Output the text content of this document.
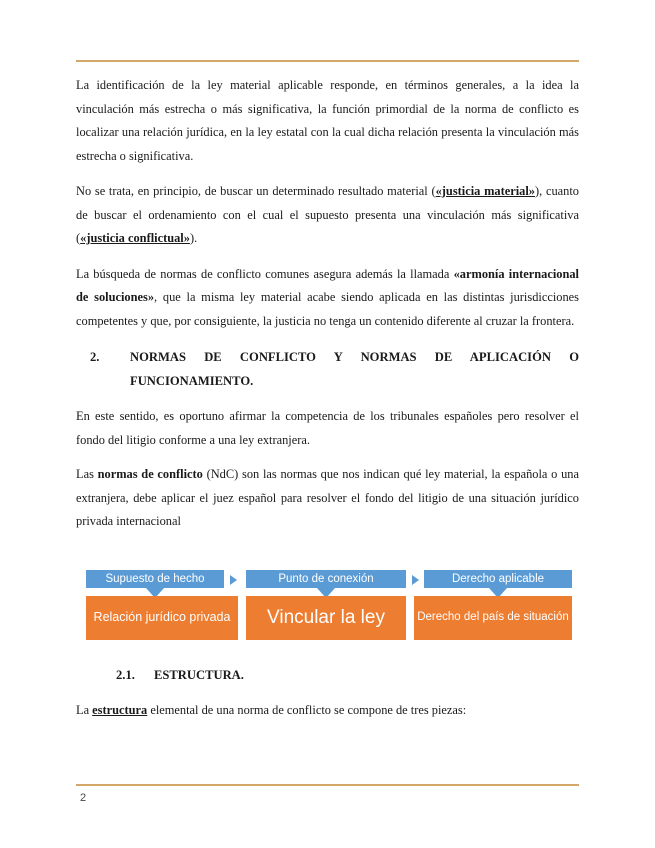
La identificación de la ley material aplicable responde, en términos generales, a la idea la vinculación más estrecha o más significativa, la función primordial de la norma de conflicto es localizar una relación jurídica, en la ley estatal con la cual dicha relación presenta la vinculación más estrecha o significativa.

No se trata, en principio, de buscar un determinado resultado material («justicia material»), cuanto de buscar el ordenamiento con el cual el supuesto presenta una vinculación más significativa («justicia conflictual»).

La búsqueda de normas de conflicto comunes asegura además la llamada «armonía internacional de soluciones», que la misma ley material acabe siendo aplicada en las distintas jurisdicciones competentes y que, por consiguiente, la justicia no tenga un contenido diferente al cruzar la frontera.

2.	NORMAS DE CONFLICTO Y NORMAS DE APLICACIÓN O
FUNCIONAMIENTO.

En este sentido, es oportuno afirmar la competencia de los tribunales españoles pero resolver el fondo del litigio conforme a una ley extranjera.

Las normas de conflicto (NdC) son las normas que nos indican qué ley material, la española o una extranjera, debe aplicar el juez español para resolver el fondo del litigio de una situación jurídico privada internacional

Supuesto de hecho	Punto de conexión	Derecho aplicable
Relación jurídico privada	Vincular la ley	Derecho del país de situación
2.1.	ESTRUCTURA.

La estructura elemental de una norma de conflicto se compone de tres piezas:

2
